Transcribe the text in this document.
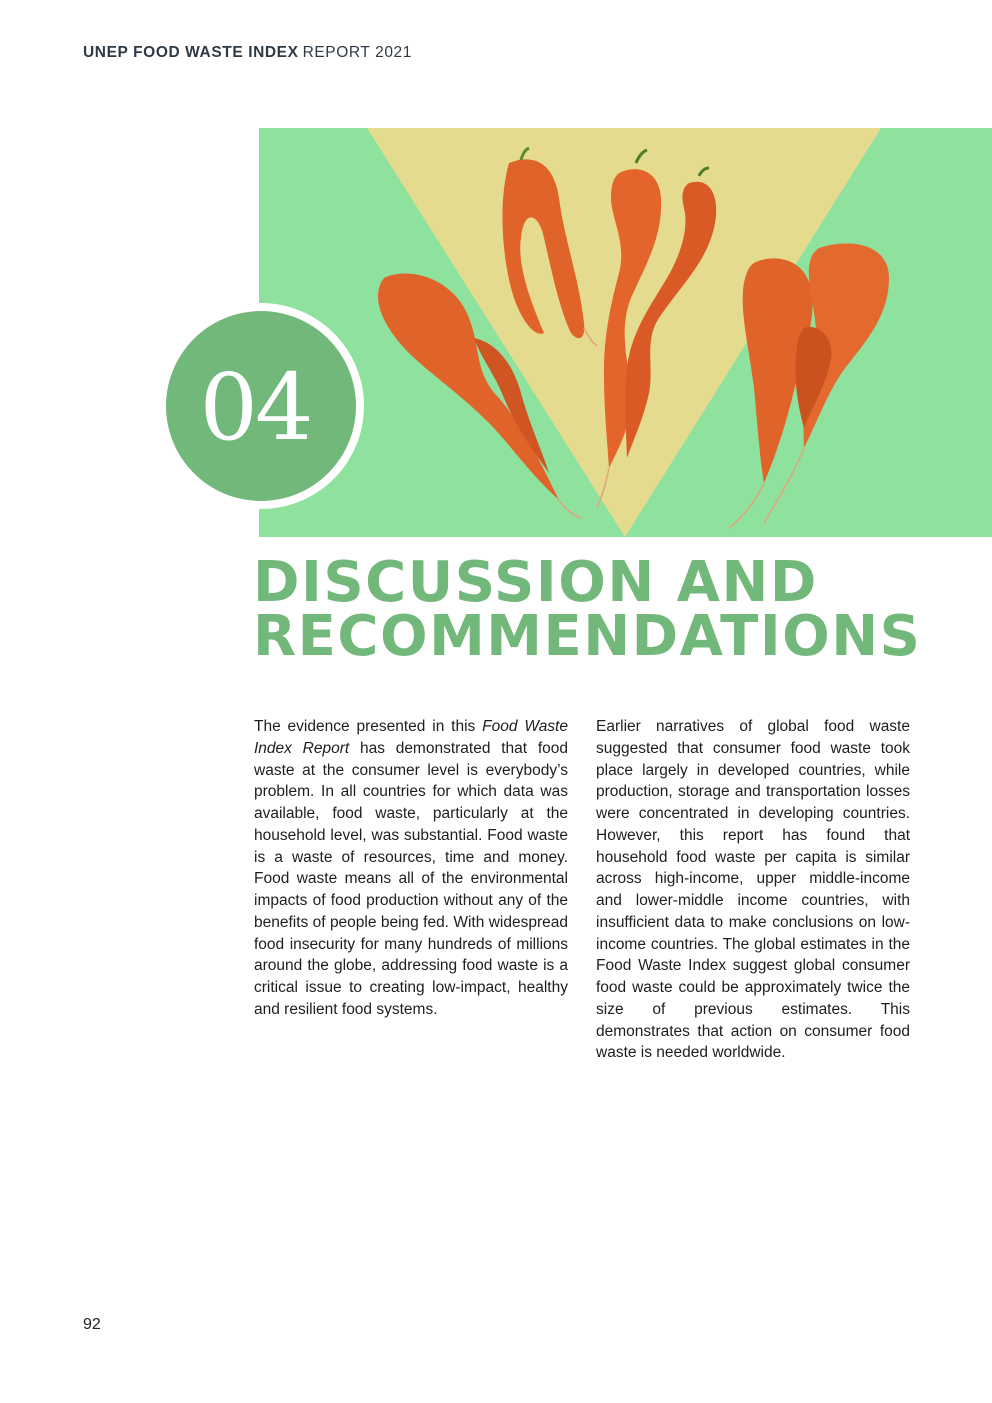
UNEP FOOD WASTE INDEX REPORT 2021
04
DISCUSSION AND
RECOMMENDATIONS

The evidence presented in this Food Waste Index Report has demonstrated that food waste at the consumer level is everybody’s problem. In all countries for which data was available, food waste, particularly at the household level, was substantial. Food waste is a waste of resources, time and money. Food waste means all of the environmental impacts of food production without any of the benefits of people being fed. With widespread food insecurity for many hundreds of millions around the globe, addressing food waste is a critical issue to creating low-impact, healthy and resilient food systems.

Earlier narratives of global food waste suggested that consumer food waste took place largely in developed countries, while production, storage and transportation losses were concentrated in developing countries. However, this report has found that household food waste per capita is similar across high-income, upper middle-income and lower-middle income countries, with insufficient data to make conclusions on low-income countries. The global estimates in the Food Waste Index suggest global consumer food waste could be approximately twice the size of previous estimates. This demonstrates that action on consumer food waste is needed worldwide.

92
